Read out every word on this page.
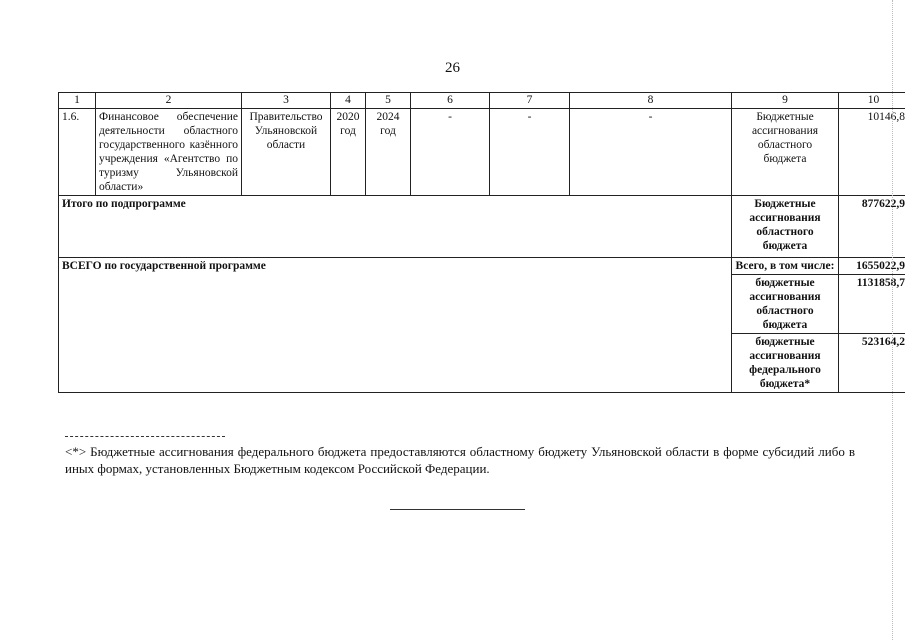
26
1	2	3	4	5	6	7	8	9	10
1.6.	Финансовое обеспечение деятельности областного государственного казённого учреждения «Агентство по туризму Ульяновской области»	Правительство Ульяновской области	2020 год	2024 год	-	-	-	Бюджетные ассигнования областного бюджета	10146,8
Итого по подпрограмме								Бюджетные ассигнования областного бюджета	877622,9
ВСЕГО по государственной программе								Всего, в том числе:	1655022,9
								бюджетные ассигнования областного бюджета	1131858,7
								бюджетные ассигнования федерального бюджета*	523164,2
<*> Бюджетные ассигнования федерального бюджета предоставляются областному бюджету Ульяновской области в форме субсидий либо в иных формах, установленных Бюджетным кодексом Российской Федерации.
